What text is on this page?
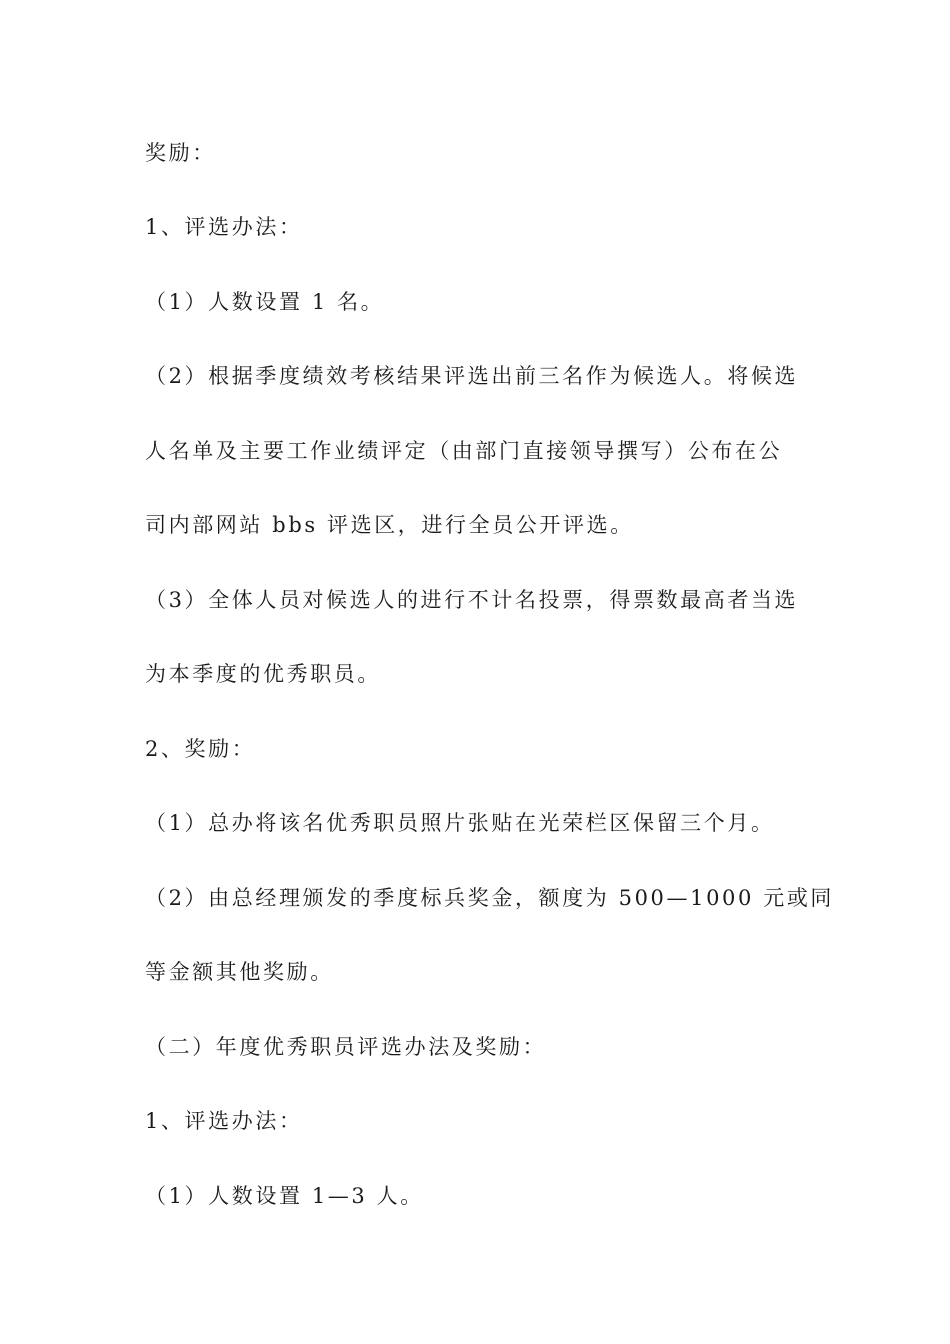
奖励：
1、评选办法：
（1）人数设置 1 名。
（2）根据季度绩效考核结果评选出前三名作为候选人。将候选
人名单及主要工作业绩评定（由部门直接领导撰写）公布在公
司内部网站 bbs 评选区，进行全员公开评选。
（3）全体人员对候选人的进行不计名投票，得票数最高者当选
为本季度的优秀职员。
2、奖励：
（1）总办将该名优秀职员照片张贴在光荣栏区保留三个月。
（2）由总经理颁发的季度标兵奖金，额度为 500—1000 元或同
等金额其他奖励。
（二）年度优秀职员评选办法及奖励：
1、评选办法：
（1）人数设置 1—3 人。
